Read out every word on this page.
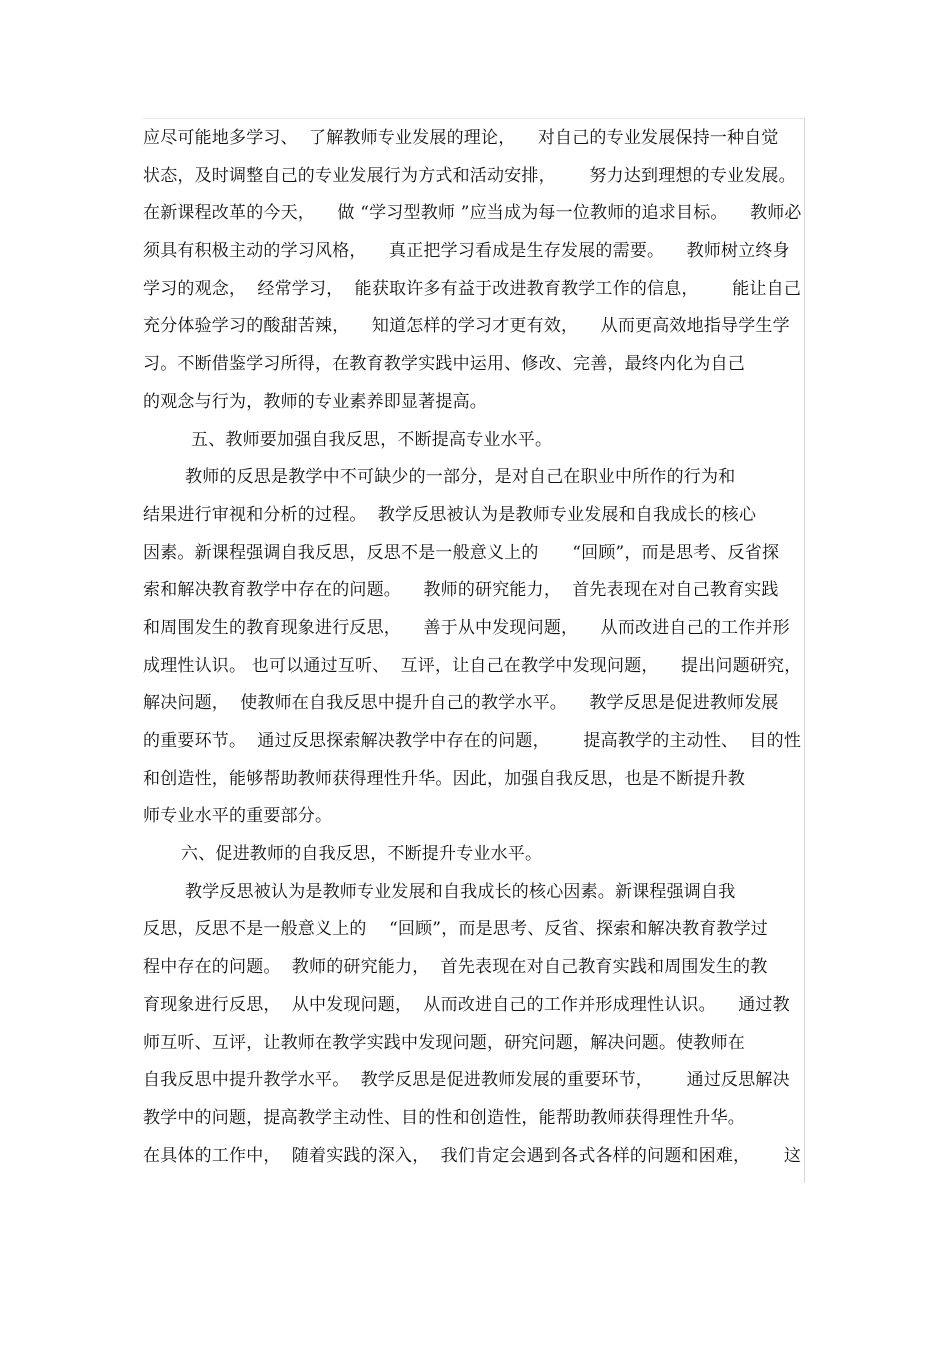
应尽可能地多学习、  了解教师专业发展的理论，    对自己的专业发展保持一种自觉
状态，及时调整自己的专业发展行为方式和活动安排，      努力达到理想的专业发展。
在新课程改革的今天，    做 “学习型教师 ”应当成为每一位教师的追求目标。    教师必
须具有积极主动的学习风格，    真正把学习看成是生存发展的需要。    教师树立终身
学习的观念，  经常学习，  能获取许多有益于改进教育教学工作的信息，      能让自己
充分体验学习的酸甜苦辣，    知道怎样的学习才更有效，    从而更高效地指导学生学
习。不断借鉴学习所得，在教育教学实践中运用、修改、完善，最终内化为自己
的观念与行为，教师的专业素养即显著提高。
五、教师要加强自我反思，不断提高专业水平。
教师的反思是教学中不可缺少的一部分，是对自己在职业中所作的行为和
结果进行审视和分析的过程。  教学反思被认为是教师专业发展和自我成长的核心
因素。新课程强调自我反思，反思不是一般意义上的      “回顾”，而是思考、反省探
索和解决教育教学中存在的问题。    教师的研究能力，  首先表现在对自己教育实践
和周围发生的教育现象进行反思，    善于从中发现问题，    从而改进自己的工作并形
成理性认识。 也可以通过互听、  互评，让自己在教学中发现问题，    提出问题研究，
解决问题，  使教师在自我反思中提升自己的教学水平。    教学反思是促进教师发展
的重要环节。  通过反思探索解决教学中存在的问题，      提高教学的主动性、  目的性
和创造性，能够帮助教师获得理性升华。因此，加强自我反思，也是不断提升教
师专业水平的重要部分。
六、促进教师的自我反思，不断提升专业水平。
教学反思被认为是教师专业发展和自我成长的核心因素。新课程强调自我
反思，反思不是一般意义上的    “回顾”，而是思考、反省、探索和解决教育教学过
程中存在的问题。  教师的研究能力，  首先表现在对自己教育实践和周围发生的教
育现象进行反思，  从中发现问题，  从而改进自己的工作并形成理性认识。    通过教
师互听、互评，让教师在教学实践中发现问题，研究问题，解决问题。使教师在
自我反思中提升教学水平。  教学反思是促进教师发展的重要环节，      通过反思解决
教学中的问题，提高教学主动性、目的性和创造性，能帮助教师获得理性升华。
在具体的工作中，  随着实践的深入，  我们肯定会遇到各式各样的问题和困难，      这
